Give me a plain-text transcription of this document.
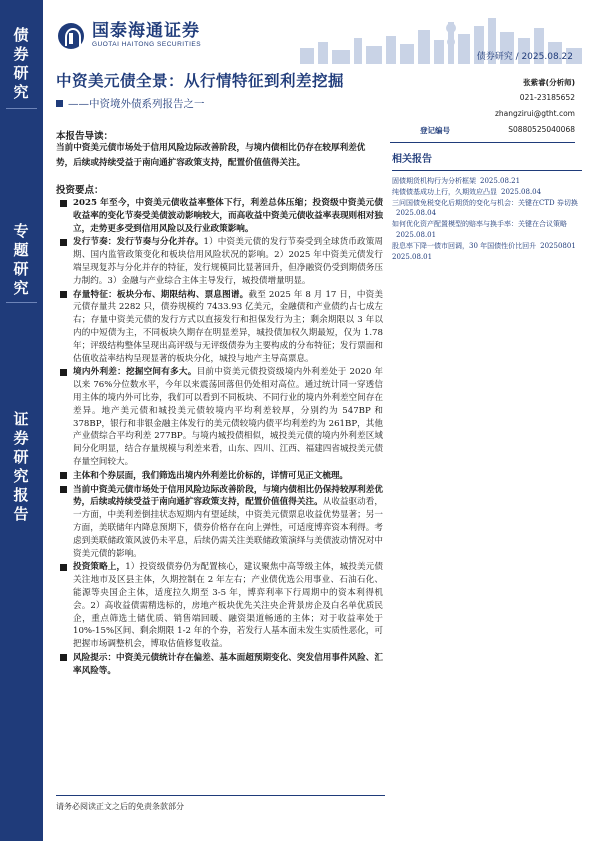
债
券
研
究
专
题
研
究
证
券
研
究
报
告
国泰海通证券
GUOTAI HAITONG SECURITIES
债券研究 / 2025.08.22
中资美元债全景：从行情特征到利差挖掘
——中资境外债系列报告之一
张紫睿(分析师)
021-23185652
zhangzirui@gtht.com
登记编号	S0880525040068
本报告导读：
当前中资美元债市场处于信用风险边际改善阶段，与境内债相比仍存在较厚利差优势，后续或持续受益于南向通扩容政策支持，配置价值值得关注。
投资要点：
2025 年至今，中资美元债收益率整体下行，利差总体压缩；投资级中资美元债收益率的变化节奏受美债波动影响较大，而高收益中资美元债收益率表现则相对独立，走势更多受到信用风险以及行业政策影响。
发行节奏：发行节奏与分化并存。1）中资美元债的发行节奏受到全球货币政策周期、国内监管政策变化和板块信用风险状况的影响。2）2025 年中资美元债发行端呈现复苏与分化并存的特征，发行规模同比显著回升，但净融资仍受到期债务压力制约。3）金融与产业综合主体主导发行，城投债增量明显。
存量特征：板块分布、期限结构、票息图谱。截至 2025 年 8 月 17 日，中资美元债存量共 2282 只，债券规模约 7433.93 亿美元，金融债和产业债约占七成左右；存量中资美元债的发行方式以直接发行和担保发行为主；剩余期限以 3 年以内的中短债为主，不同板块久期存在明显差异，城投债加权久期最短，仅为 1.78 年；评级结构整体呈现出高评级与无评级债券为主要构成的分布特征；发行票面和估值收益率结构呈现显著的板块分化，城投与地产主导高票息。
境内外利差：挖掘空间有多大。目前中资美元债投资级境内外利差处于 2020 年以来 76%分位数水平，今年以来震荡回落但仍处相对高位。通过统计同一穿透信用主体的境内外可比券，我们可以看到不同板块、不同行业的境内外利差空间存在差异。地产美元债和城投美元债较境内平均利差较厚，分别约为 547BP 和 378BP，银行和非银金融主体发行的美元债较境内债平均利差约为 261BP，其他产业债综合平均利差 277BP。与境内城投债相似，城投美元债的境内外利差区域间分化明显，结合存量规模与利差来看，山东、四川、江西、福建四省城投美元债存量空间较大。
主体和个券层面，我们筛选出境内外利差比价标的，详情可见正文梳理。
当前中资美元债市场处于信用风险边际改善阶段，与境内债相比仍保持较厚利差优势，后续或持续受益于南向通扩容政策支持，配置价值值得关注。从收益驱动看，一方面，中美利差倒挂状态短期内有望延续，中资美元债票息收益优势显著；另一方面，美联储年内降息预期下，债券价格存在向上弹性，可适度博弈资本利得。考虑到美联储政策风波仍未平息，后续仍需关注美联储政策演绎与美债波动情况对中资美元债的影响。
投资策略上，1）投资级债券仍为配置核心，建议聚焦中高等级主体，城投美元债关注地市及区县主体，久期控制在 2 年左右；产业债优选公用事业、石油石化、能源等央国企主体，适度拉久期至 3-5 年，博弈利率下行周期中的资本利得机会。2）高收益债需精选标的，房地产板块优先关注央企背景房企及白名单优质民企，重点筛选土储优质、销售端回暖、融资渠道畅通的主体；对于收益率处于 10%-15%区间、剩余期限 1-2 年的个券，若发行人基本面未发生实质性恶化，可把握市场调整机会，博取估值修复收益。
风险提示：中资美元债统计存在偏差、基本面超预期变化、突发信用事件风险、汇率风险等。
相关报告
固债期货机构行为分析框架 2025.08.21
纯债债基成功上行，久期效应凸显 2025.08.04
三问国债免税变化后期货的变化与机会：关键在CTD 券切换2025.08.04
如何优化资产配置模型的赔率与换手率：关键在合议策略2025.08.01
股息率下降一债市回调，30 年国债性价比回升 20250801 2025.08.01
请务必阅读正文之后的免责条款部分
